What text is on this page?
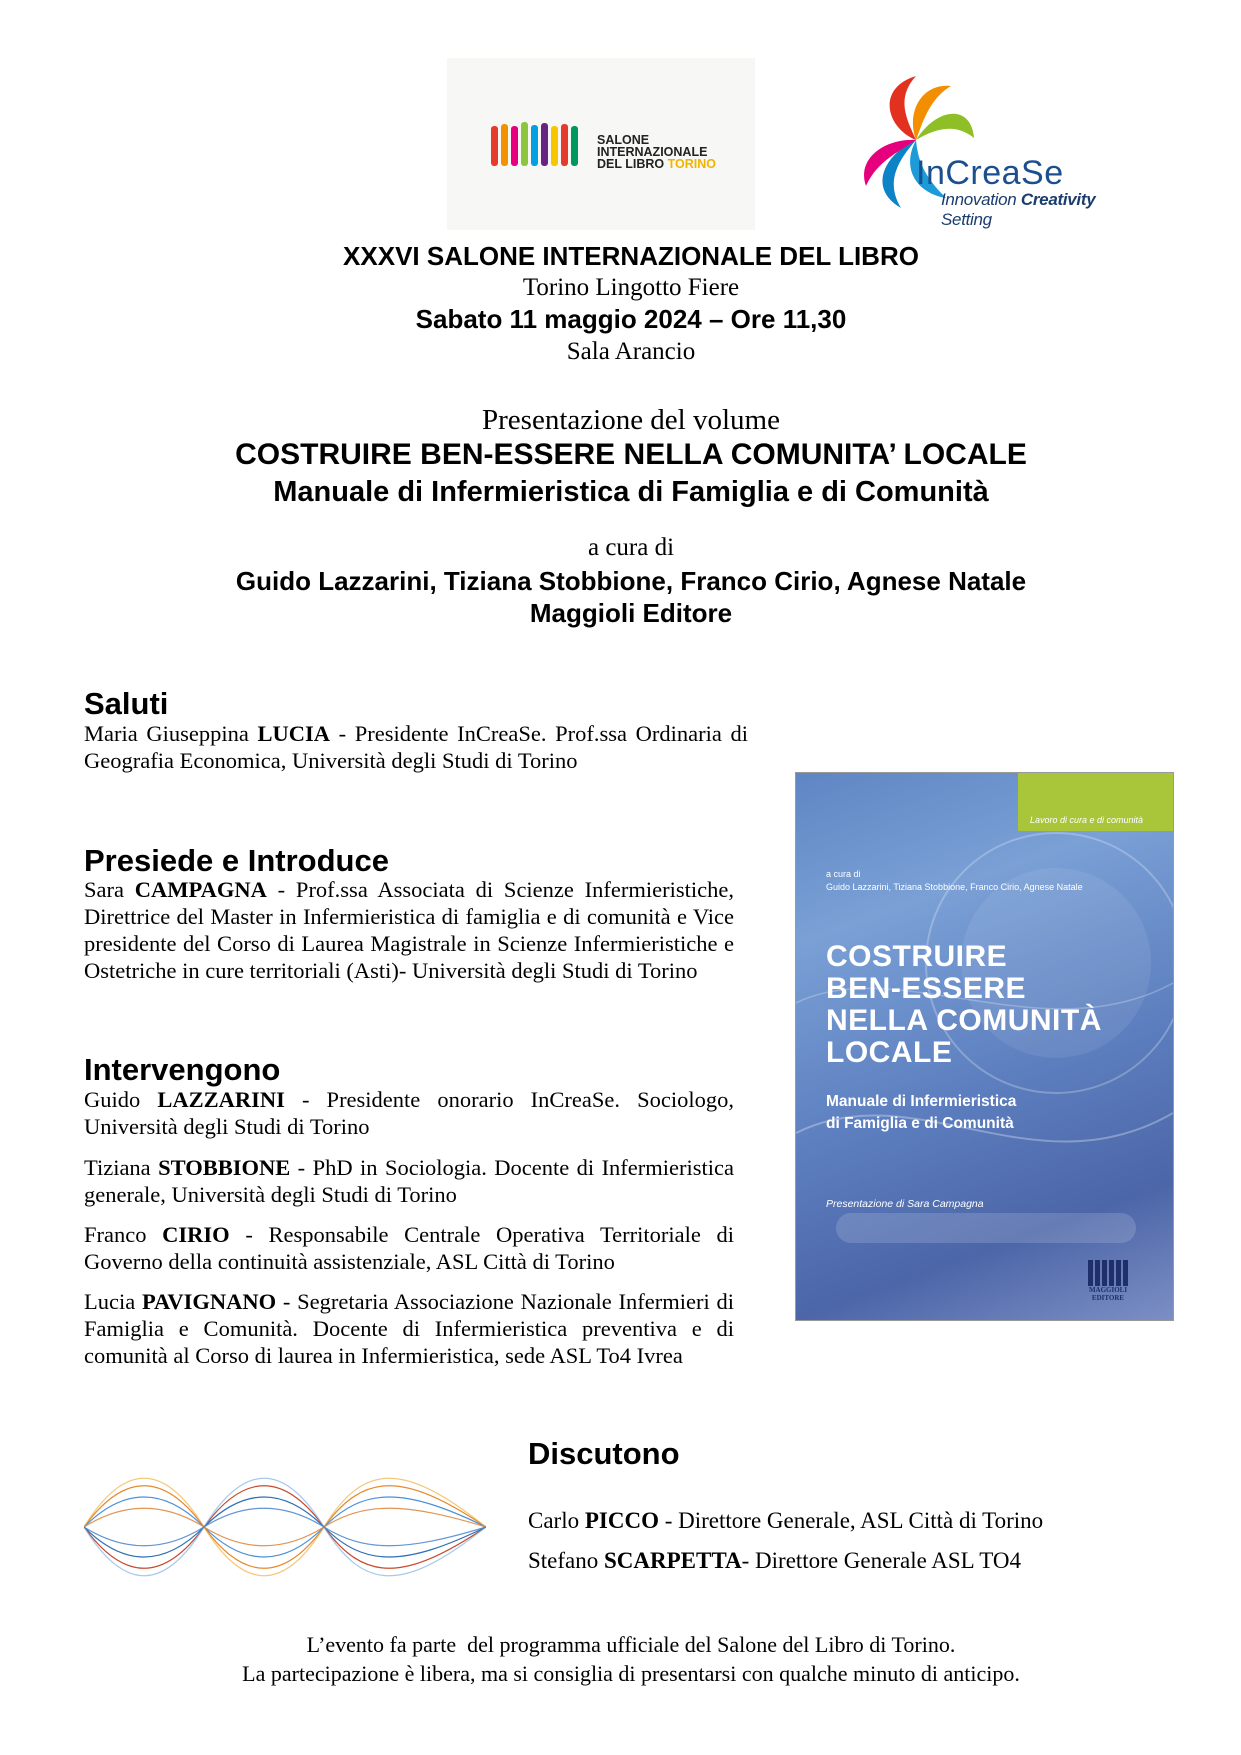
SALONE
INTERNAZIONALE
DEL LIBRO TORINO	InCreaSe
Innovation Creativity Setting
XXXVI SALONE INTERNAZIONALE DEL LIBRO
Torino Lingotto Fiere
Sabato 11 maggio 2024 – Ore 11,30
Sala Arancio
Presentazione del volume
COSTRUIRE BEN-ESSERE NELLA COMUNITA’ LOCALE
Manuale di Infermieristica di Famiglia e di Comunità
a cura di
Guido Lazzarini, Tiziana Stobbione, Franco Cirio, Agnese Natale
Maggioli Editore
Saluti
Maria Giuseppina LUCIA - Presidente InCreaSe. Prof.ssa Ordinaria di Geografia Economica, Università degli Studi di Torino
Presiede e Introduce
Sara CAMPAGNA - Prof.ssa Associata di Scienze Infermieristiche, Direttrice del Master in Infermieristica di famiglia e di comunità e Vice presidente del Corso di Laurea Magistrale in Scienze Infermieristiche e Ostetriche in cure territoriali (Asti)- Università degli Studi di Torino
Intervengono
Guido LAZZARINI - Presidente onorario InCreaSe. Sociologo, Università degli Studi di Torino
Tiziana STOBBIONE - PhD in Sociologia. Docente di Infermieristica generale, Università degli Studi di Torino
Franco CIRIO - Responsabile Centrale Operativa Territoriale di Governo della continuità assistenziale, ASL Città di Torino
Lucia PAVIGNANO - Segretaria Associazione Nazionale Infermieri di Famiglia e Comunità. Docente di Infermieristica preventiva e di comunità al Corso di laurea in Infermieristica, sede ASL To4 Ivrea
Lavoro di cura e di comunità
a cura di
Guido Lazzarini, Tiziana Stobbione, Franco Cirio, Agnese Natale
COSTRUIRE
BEN-ESSERE
NELLA COMUNITÀ
LOCALE
Manuale di Infermieristica
di Famiglia e di Comunità
Presentazione di Sara Campagna
MAGGIOLI
EDITORE
Discutono
Carlo PICCO - Direttore Generale, ASL Città di Torino
Stefano SCARPETTA- Direttore Generale ASL TO4
L’evento fa parte  del programma ufficiale del Salone del Libro di Torino.
La partecipazione è libera, ma si consiglia di presentarsi con qualche minuto di anticipo.
